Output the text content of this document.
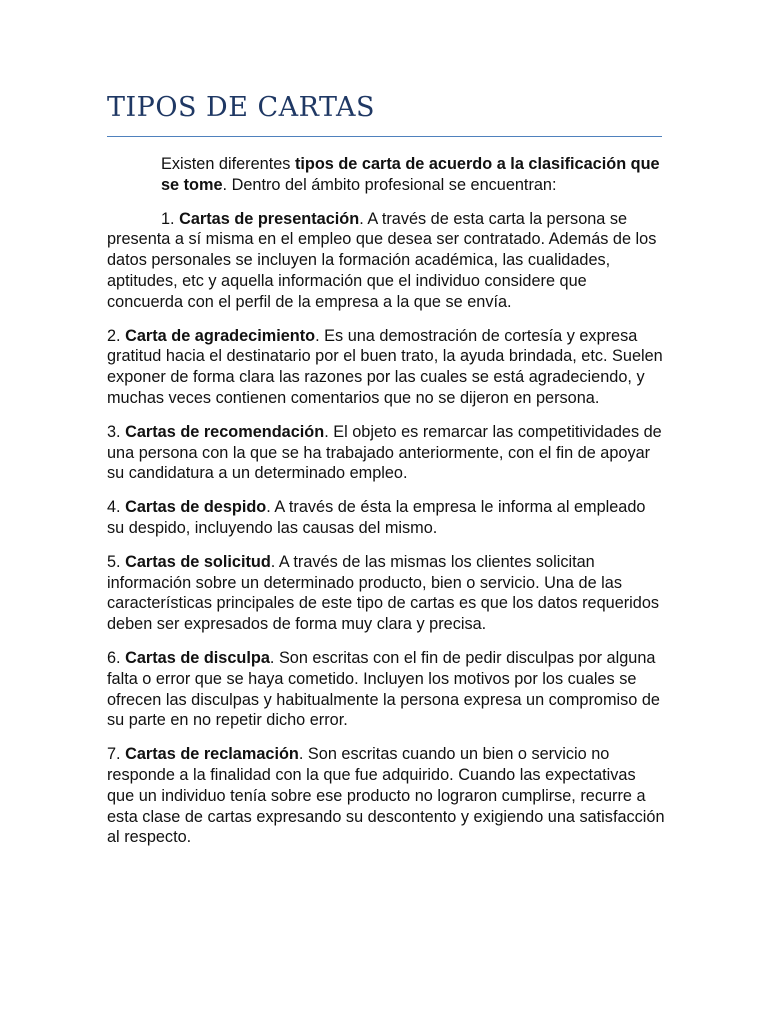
TIPOS DE CARTAS

Existen diferentes tipos de carta de acuerdo a la clasificación que se tome. Dentro del ámbito profesional se encuentran:

1. Cartas de presentación. A través de esta carta la persona se presenta a sí misma en el empleo que desea ser contratado. Además de los datos personales se incluyen la formación académica, las cualidades, aptitudes, etc y aquella información que el individuo considere que concuerda con el perfil de la empresa a la que se envía.

2. Carta de agradecimiento. Es una demostración de cortesía y expresa gratitud hacia el destinatario por el buen trato, la ayuda brindada, etc. Suelen exponer de forma clara las razones por las cuales se está agradeciendo, y muchas veces contienen comentarios que no se dijeron en persona.

3. Cartas de recomendación. El objeto es remarcar las competitividades de una persona con la que se ha trabajado anteriormente, con el fin de apoyar su candidatura a un determinado empleo.

4. Cartas de despido. A través de ésta la empresa le informa al empleado su despido, incluyendo las causas del mismo.

5. Cartas de solicitud. A través de las mismas los clientes solicitan información sobre un determinado producto, bien o servicio. Una de las características principales de este tipo de cartas es que los datos requeridos deben ser expresados de forma muy clara y precisa.

6. Cartas de disculpa. Son escritas con el fin de pedir disculpas por alguna falta o error que se haya cometido. Incluyen los motivos por los cuales se ofrecen las disculpas y habitualmente la persona expresa un compromiso de su parte en no repetir dicho error.

7. Cartas de reclamación. Son escritas cuando un bien o servicio no responde a la finalidad con la que fue adquirido. Cuando las expectativas que un individuo tenía sobre ese producto no lograron cumplirse, recurre a esta clase de cartas expresando su descontento y exigiendo una satisfacción al respecto.
